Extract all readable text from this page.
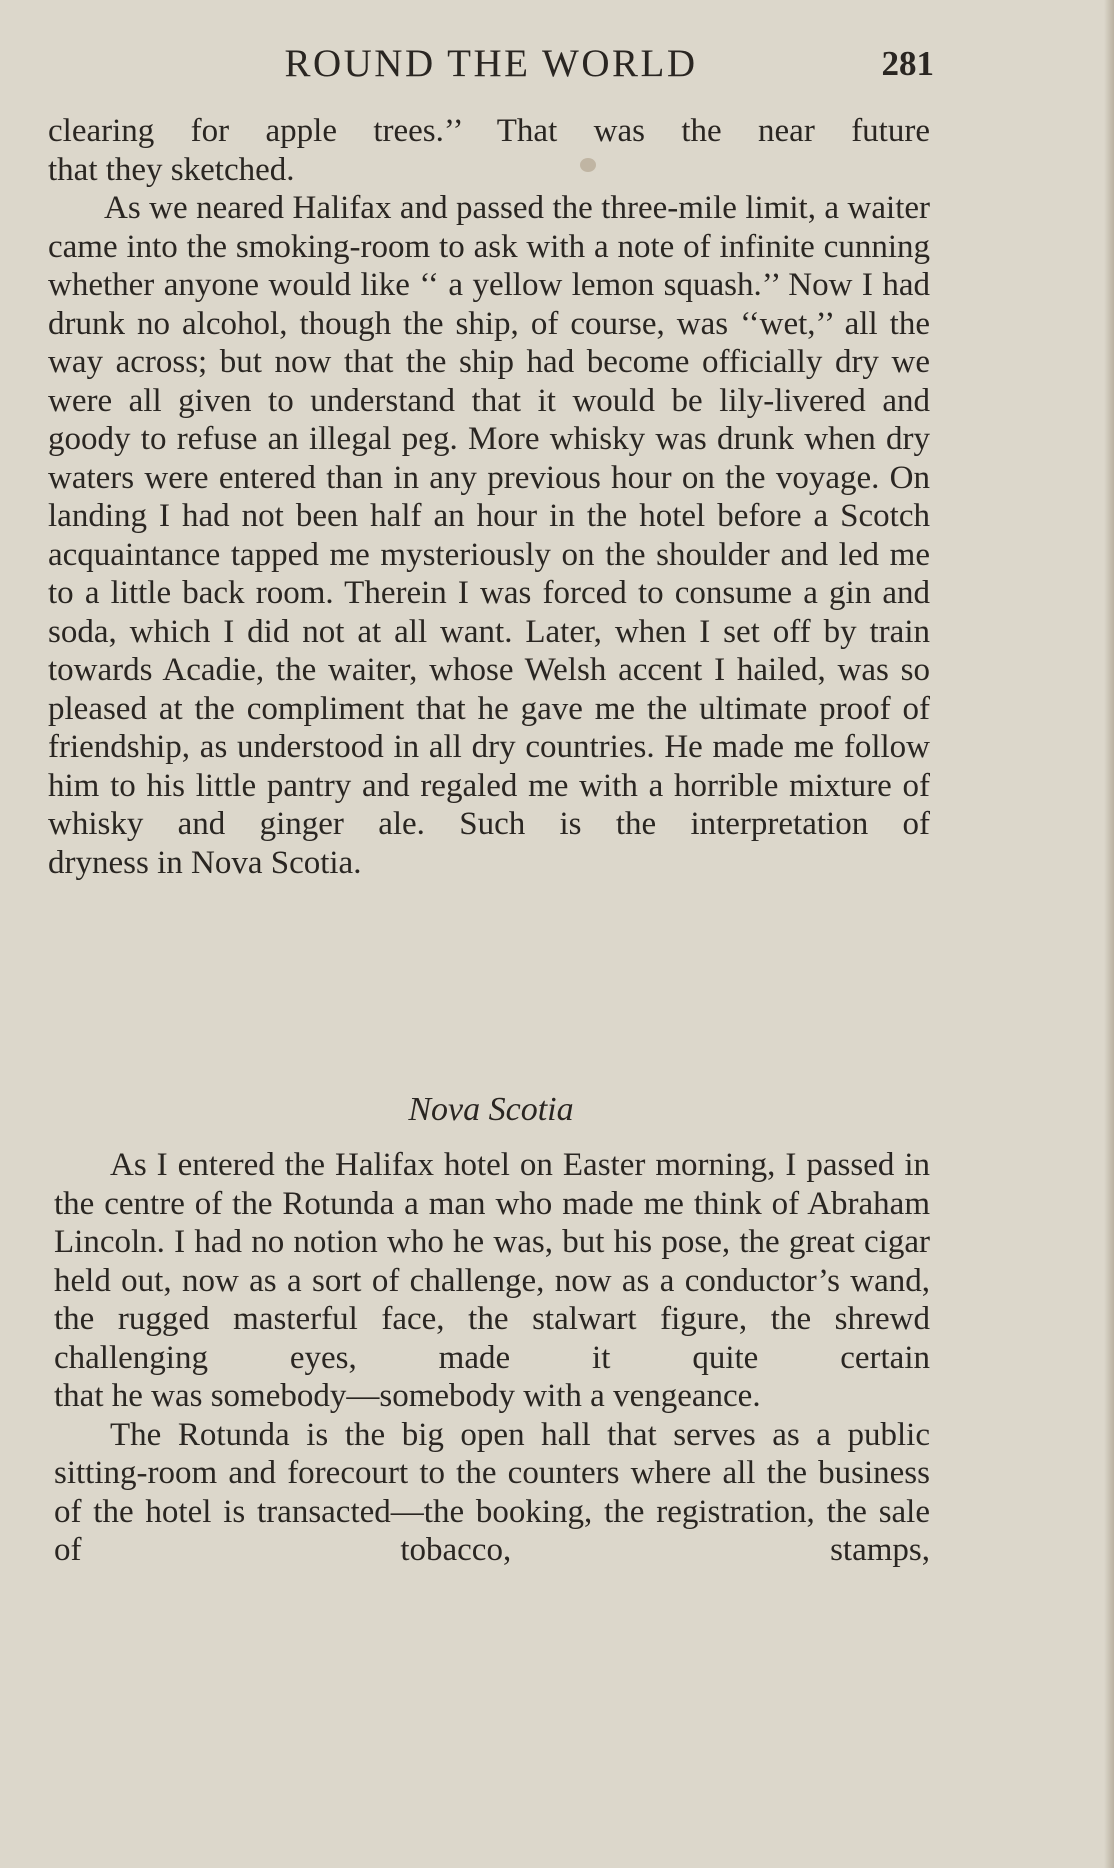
ROUND THE WORLD	281

clearing for apple trees.’’ That was the near future
that they sketched.

As we neared Halifax and passed the three-mile limit, a waiter came into the smoking-room to ask with a note of infinite cunning whether anyone would like ‘‘ a yellow lemon squash.’’ Now I had drunk no alcohol, though the ship, of course, was ‘‘wet,’’ all the way across; but now that the ship had become officially dry we were all given to understand that it would be lily-livered and goody to refuse an illegal peg. More whisky was drunk when dry waters were entered than in any previous hour on the voyage. On landing I had not been half an hour in the hotel before a Scotch acquaintance tapped me mysteriously on the shoulder and led me to a little back room. Therein I was forced to consume a gin and soda, which I did not at all want. Later, when I set off by train towards Acadie, the waiter, whose Welsh accent I hailed, was so pleased at the compliment that he gave me the ultimate proof of friendship, as understood in all dry countries. He made me follow him to his little pantry and regaled me with a horrible mixture of whisky and ginger ale. Such is the interpretation of
dryness in Nova Scotia.

Nova Scotia

As I entered the Halifax hotel on Easter morning, I passed in the centre of the Rotunda a man who made me think of Abraham Lincoln. I had no notion who he was, but his pose, the great cigar held out, now as a sort of challenge, now as a conductor’s wand, the rugged masterful face, the stalwart figure, the shrewd challenging eyes, made it quite certain
that he was somebody—somebody with a vengeance.

The Rotunda is the big open hall that serves as a public sitting-room and forecourt to the counters where all the business of the hotel is transacted—the booking, the registration, the sale of tobacco, stamps,
